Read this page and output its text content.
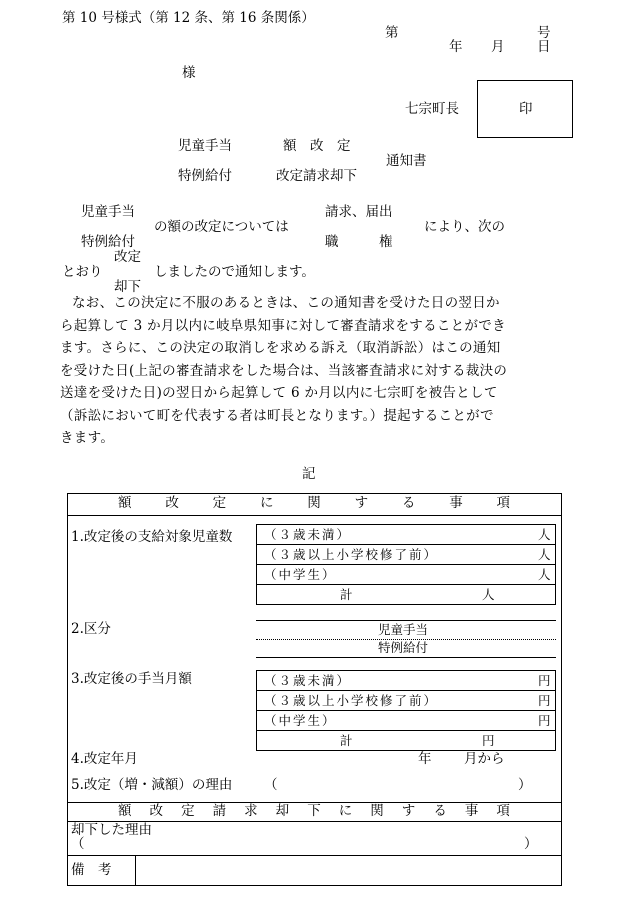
第 10 号様式（第 12 条、第 16 条関係）
第	号
年 月 日
様
七宗町長	印
児童手当	額　改　定
通知書
特例給付	改定請求却下
児童手当	請求、届出
の額の改定については	により、次の
特例給付	職　　　権
改定
とおり	しましたので通知します。
却下
なお、この決定に不服のあるときは、この通知書を受けた日の翌日か
ら起算して 3 か月以内に岐阜県知事に対して審査請求をすることができ
ます。さらに、この決定の取消しを求める訴え（取消訴訟）はこの通知
を受けた日(上記の審査請求をした場合は、当該審査請求に対する裁決の
送達を受けた日)の翌日から起算して 6 か月以内に七宗町を被告として
（訴訟において町を代表する者は町長となります。）提起することがで
きます。
記
額	改	定	に	関	す	る	事	項
1.改定後の支給対象児童数	（３歳未満）	人
（３歳以上小学校修了前）	人
（中学生）	人
計	人
2.区分	児童手当
特例給付
3.改定後の手当月額	（３歳未満）	円
（３歳以上小学校修了前）	円
（中学生）	円
計	円
4.改定年月	年 月から
5.改定（増・減額）の理由 （	）
額 改 定 請 求 却 下 に 関 す る 事 項
却下した理由
（	）
備　考
